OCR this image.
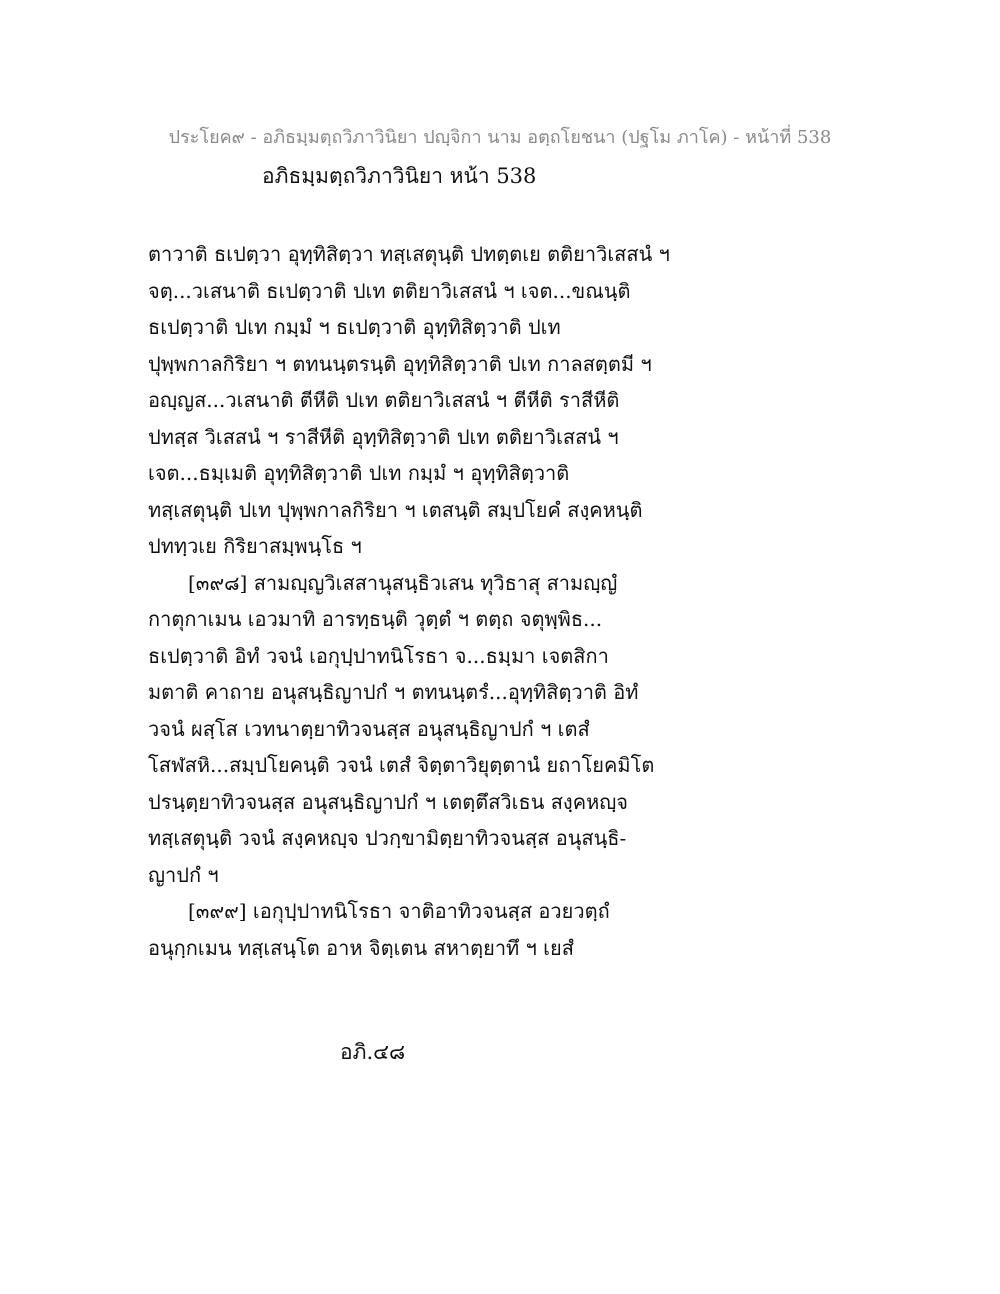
ประโยค๙ - อภิธมฺมตฺถวิภาวินิยา ปญฺจิกา นาม อตฺถโยชนา (ปฐโม ภาโค) - หน้าที่ 538
อภิธมฺมตฺถวิภาวินิยา หน้า 538
ตาวาติ ธเปตฺวา อุทฺทิสิตฺวา ทสฺเสตุนฺติ ปทตฺตเย ตติยาวิเสสนํ ฯ
จตฺ...วเสนาติ ธเปตฺวาติ ปเท ตติยาวิเสสนํ ฯ เจต...ขณนฺติ
ธเปตฺวาติ ปเท กมฺมํ ฯ ธเปตฺวาติ อุทฺทิสิตฺวาติ ปเท
ปุพฺพกาลกิริยา ฯ ตทนนฺตรนฺติ อุทฺทิสิตฺวาติ ปเท กาลสตฺตมี ฯ
อญฺญส...วเสนาติ ตีหีติ ปเท ตติยาวิเสสนํ ฯ ตีหีติ ราสีหีติ
ปทสฺส วิเสสนํ ฯ ราสีหีติ อุทฺทิสิตฺวาติ ปเท ตติยาวิเสสนํ ฯ
เจต...ธมฺเมติ อุทฺทิสิตฺวาติ ปเท กมฺมํ ฯ อุทฺทิสิตฺวาติ
ทสฺเสตุนฺติ ปเท ปุพฺพกาลกิริยา ฯ เตสนฺติ สมฺปโยคํ สงฺคหนฺติ
ปททฺวเย กิริยาสมฺพนฺโธ ฯ
[๓๙๘] สามญฺญวิเสสานุสนฺธิวเสน ทุวิธาสุ สามญฺญํ
กาตุกาเมน เอวมาทิ อารทฺธนฺติ วุตฺตํ ฯ ตตฺถ จตุพฺพิธ...
ธเปตฺวาติ อิทํ วจนํ เอกุปฺปาทนิโรธา จ...ธมฺมา เจตสิกา
มตาติ คาถาย อนุสนฺธิญาปกํ ฯ ตทนนฺตรํ...อุทฺทิสิตฺวาติ อิทํ
วจนํ ผสฺโส เวทนาตฺยาทิวจนสฺส อนุสนฺธิญาปกํ ฯ เตสํ
โสฬสหิ...สมฺปโยคนฺติ วจนํ เตสํ จิตฺตาวิยุตฺตานํ ยถาโยคมิโต
ปรนฺตฺยาทิวจนสฺส อนุสนฺธิญาปกํ ฯ เตตฺตึสวิเธน สงฺคหญฺจ
ทสฺเสตุนฺติ วจนํ สงฺคหญฺจ ปวกฺขามิตฺยาทิวจนสฺส อนุสนฺธิ-
ญาปกํ ฯ
[๓๙๙] เอกุปฺปาทนิโรธา จาติอาทิวจนสฺส อวยวตฺถํ
อนุกฺกเมน ทสฺเสนฺโต อาห จิตฺเตน สหาตฺยาทึ ฯ เยสํ
อภิ.๔๘
